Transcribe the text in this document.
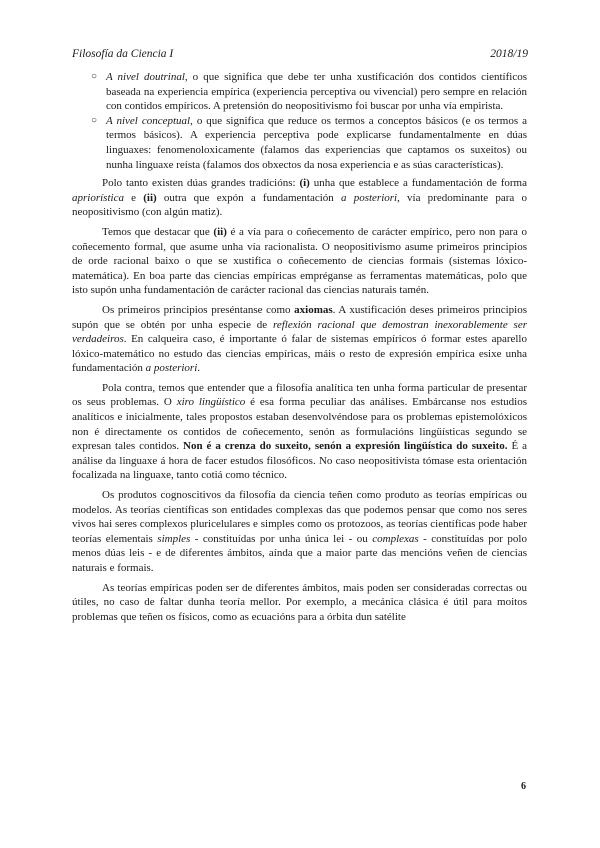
Filosofía da Ciencia I	2018/19
○ A nivel doutrinal, o que significa que debe ter unha xustificación dos contidos científicos baseada na experiencia empírica (experiencia perceptiva ou vivencial) pero sempre en relación con contidos empíricos. A pretensión do neopositivismo foi buscar por unha vía empirista.
○ A nivel conceptual, o que significa que reduce os termos a conceptos básicos (e os termos a termos básicos). A experiencia perceptiva pode explicarse fundamentalmente en dúas linguaxes: fenomenoloxicamente (falamos das experiencias que captamos os suxeitos) ou nunha linguaxe reísta (falamos dos obxectos da nosa experiencia e as súas características).

Polo tanto existen dúas grandes tradicións: (i) unha que establece a fundamentación de forma apriorística e (ii) outra que expón a fundamentación a posteriori, vía predominante para o neopositivismo (con algún matiz).

Temos que destacar que (ii) é a vía para o coñecemento de carácter empírico, pero non para o coñecemento formal, que asume unha vía racionalista. O neopositivismo asume primeiros principios de orde racional baixo o que se xustifica o coñecemento de ciencias formais (sistemas lóxico-matemática). En boa parte das ciencias empíricas empréganse as ferramentas matemáticas, polo que isto supón unha fundamentación de carácter racional das ciencias naturais tamén.

Os primeiros principios preséntanse como axiomas. A xustificación deses primeiros principios supón que se obtén por unha especie de reflexión racional que demostran inexorablemente ser verdadeiros. En calqueira caso, é importante ó falar de sistemas empíricos ó formar estes aparello lóxico-matemático no estudo das ciencias empíricas, máis o resto de expresión empírica esixe unha fundamentación a posteriori.

Pola contra, temos que entender que a filosofía analítica ten unha forma particular de presentar os seus problemas. O xiro lingüístico é esa forma peculiar das análises. Embárcanse nos estudios analíticos e inicialmente, tales propostos estaban desenvolvéndose para os problemas epistemolóxicos non é directamente os contidos de coñecemento, senón as formulacións lingüísticas segundo se expresan tales contidos. Non é a crenza do suxeito, senón a expresión lingüística do suxeito. É a análise da linguaxe á hora de facer estudos filosóficos. No caso neopositivista tómase esta orientación focalizada na linguaxe, tanto cotiá como técnico.

Os produtos cognoscitivos da filosofía da ciencia teñen como produto as teorías empíricas ou modelos. As teorías científicas son entidades complexas das que podemos pensar que como nos seres vivos hai seres complexos pluricelulares e simples como os protozoos, as teorías científicas pode haber teorías elementais simples - constituídas por unha única lei - ou complexas - constituídas por polo menos dúas leis - e de diferentes ámbitos, aínda que a maior parte das mencións veñen de ciencias naturais e formais.

As teorías empíricas poden ser de diferentes ámbitos, mais poden ser consideradas correctas ou útiles, no caso de faltar dunha teoría mellor. Por exemplo, a mecánica clásica é útil para moitos problemas que teñen os físicos, como as ecuacións para a órbita dun satélite

6
